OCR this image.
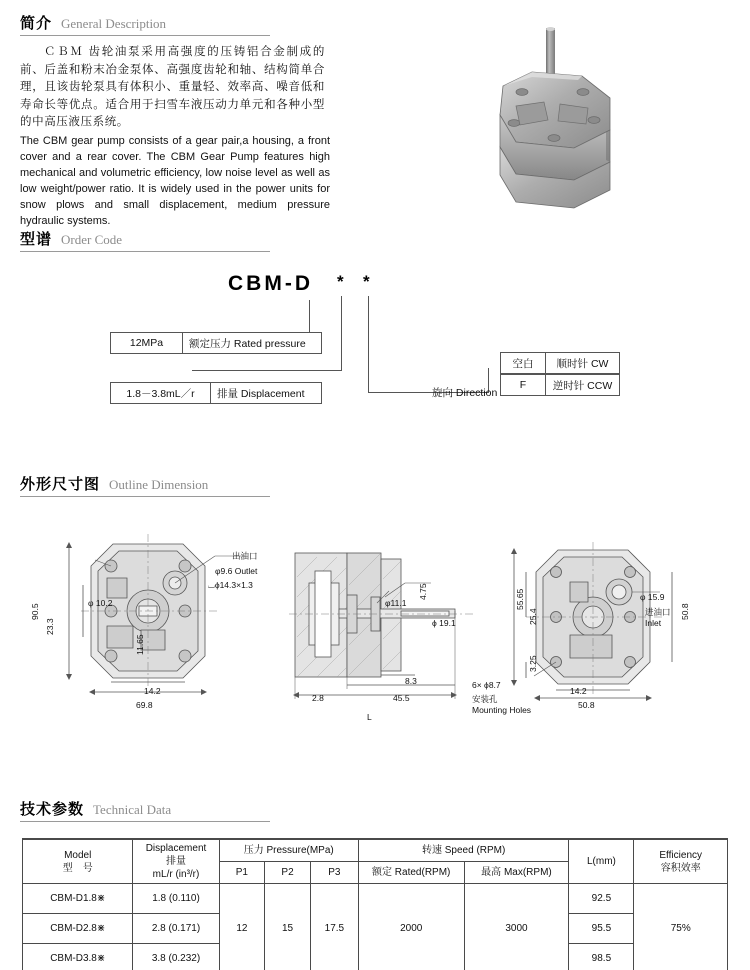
简介 General Description
ＣＢＭ 齿轮油泵采用高强度的压铸铝合金制成的前、后盖和粉末冶金泵体、高强度齿轮和轴、结构简单合理，且该齿轮泵具有体积小、重量轻、效率高、噪音低和寿命长等优点。适合用于扫雪车液压动力单元和各种小型的中高压液压系统。
The CBM gear pump consists of a gear pair,a housing, a front cover and a rear cover. The CBM Gear Pump features high mechanical and volumetric efficiency, low noise level as well as low weight/power ratio. It is widely used in the power units for snow plows and small displacement, medium pressure hydraulic systems.
型谱 Order Code
CBM-D * *
12MPa	额定压力 Rated pressure
1.8－3.8mL／r	排量 Displacement	旋向 Direction
空白	顺时针 CW
F	逆时针 CCW
外形尺寸图 Outline Dimension
出油口
φ9.6 Outlet
⌴ϕ14.3×1.3
φ 10.2
90.5
23.3
11.65
14.2
69.8
φ11.1
ϕ 19.1
4.75
2.8
8.3
45.5
L
55.65
25.4
3.25
50.8
φ 15.9
进油口
Inlet
6× ϕ8.7
安装孔
Mounting Holes
14.2
50.8
技术参数 Technical Data
Model
型　号

Displacement
排量
mL/r (in³/r)
	压力 Pressure(MPa)	转速 Speed (RPM)	L(mm)	
Efficiency
容积效率

		P1	P2	P3	额定 Rated(RPM)	最高 Max(RPM)		
CBM-D1.8⋇	1.8 (0.110)	12	15	17.5	2000	3000	92.5	75%
CBM-D2.8⋇	2.8 (0.171)						95.5	
CBM-D3.8⋇	3.8 (0.232)						98.5	
